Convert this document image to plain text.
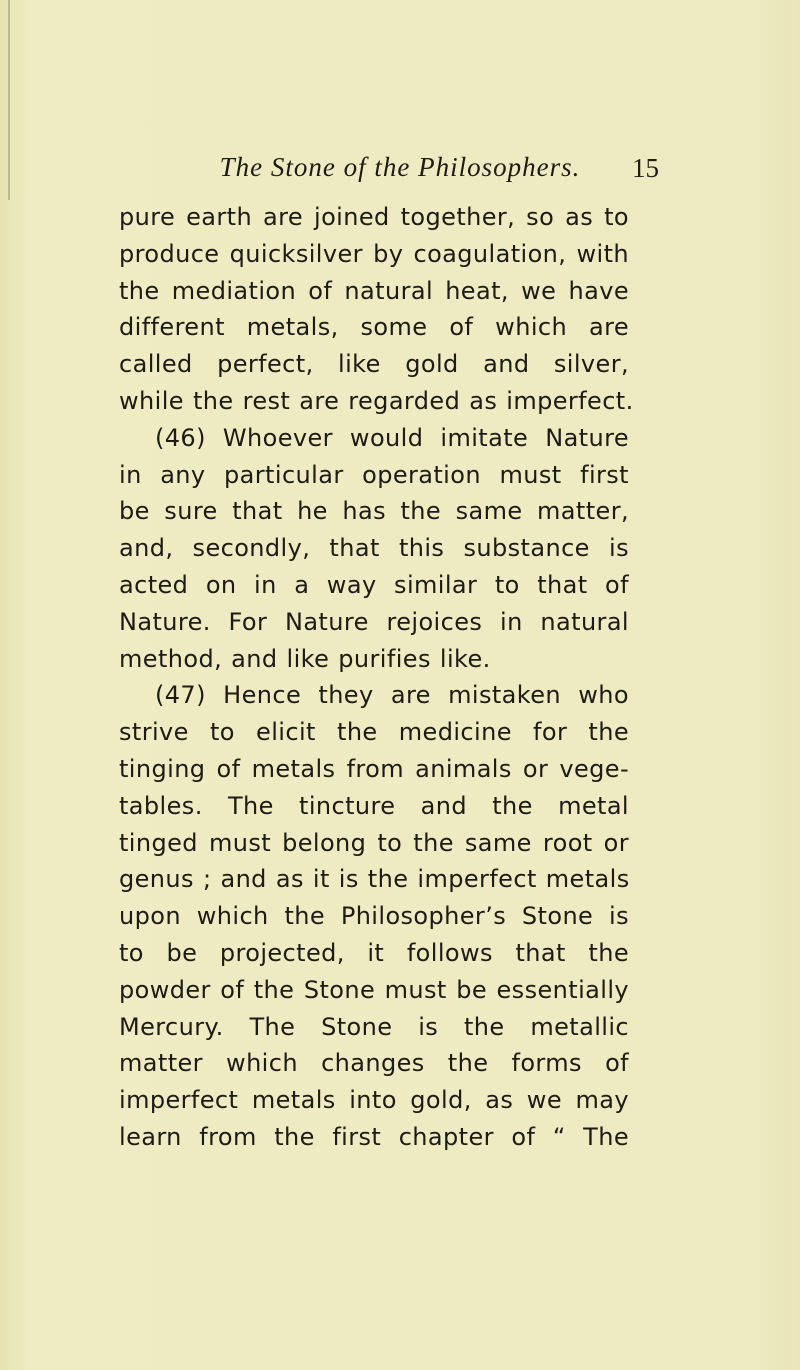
The Stone of the Philosophers.	15
pure earth are joined together, so as to
produce quicksilver by coagulation, with
the mediation of natural heat, we have
different metals, some of which are
called perfect, like gold and silver,
while the rest are regarded as imperfect.
(46) Whoever would imitate Nature
in any particular operation must first
be sure that he has the same matter,
and, secondly, that this substance is
acted on in a way similar to that of
Nature. For Nature rejoices in natural
method, and like purifies like.
(47) Hence they are mistaken who
strive to elicit the medicine for the
tinging of metals from animals or vege-
tables. The tincture and the metal
tinged must belong to the same root or
genus ; and as it is the imperfect metals
upon which the Philosopher’s Stone is
to be projected, it follows that the
powder of the Stone must be essentially
Mercury. The Stone is the metallic
matter which changes the forms of
imperfect metals into gold, as we may
learn from the first chapter of “ The
